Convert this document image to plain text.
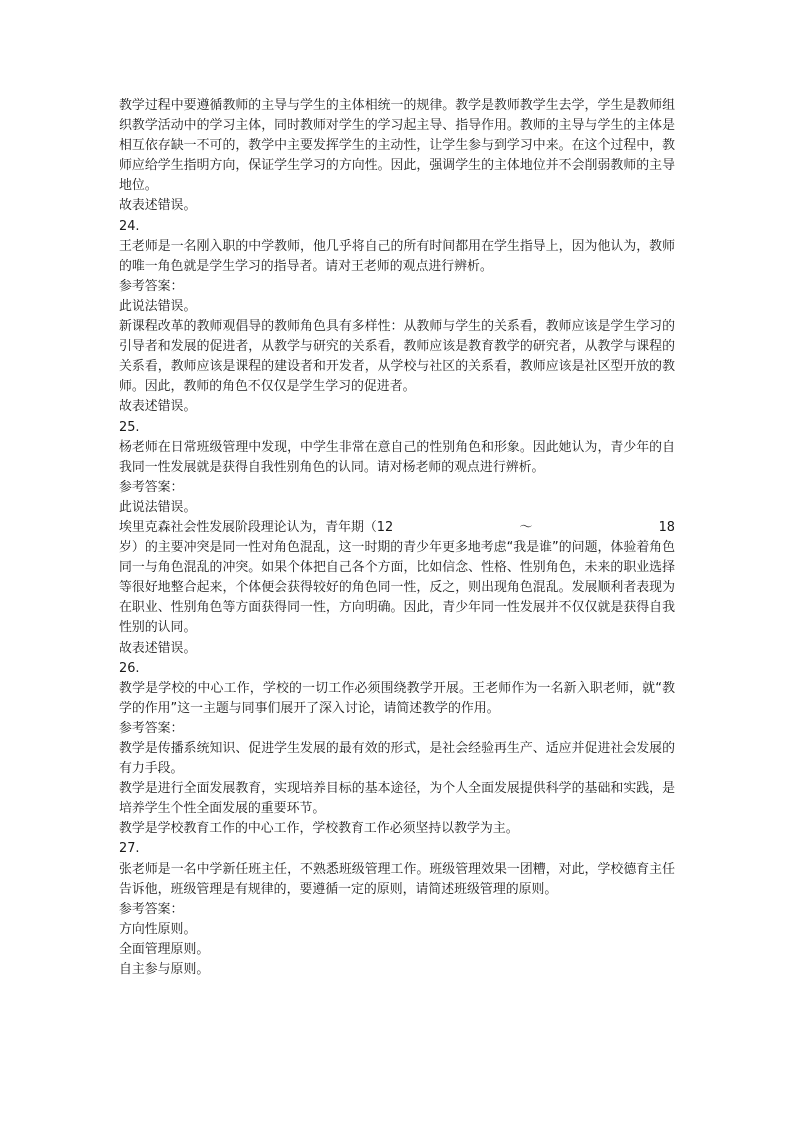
教学过程中要遵循教师的主导与学生的主体相统一的规律。教学是教师教学生去学，学生是教师组织教学活动中的学习主体，同时教师对学生的学习起主导、指导作用。教师的主导与学生的主体是相互依存缺一不可的，教学中主要发挥学生的主动性，让学生参与到学习中来。在这个过程中，教师应给学生指明方向，保证学生学习的方向性。因此，强调学生的主体地位并不会削弱教师的主导地位。

故表述错误。

24.

王老师是一名刚入职的中学教师，他几乎将自己的所有时间都用在学生指导上，因为他认为，教师的唯一角色就是学生学习的指导者。请对王老师的观点进行辨析。

参考答案：

此说法错误。

新课程改革的教师观倡导的教师角色具有多样性：从教师与学生的关系看，教师应该是学生学习的引导者和发展的促进者，从教学与研究的关系看，教师应该是教育教学的研究者，从教学与课程的关系看，教师应该是课程的建设者和开发者，从学校与社区的关系看，教师应该是社区型开放的教师。因此，教师的角色不仅仅是学生学习的促进者。

故表述错误。

25.

杨老师在日常班级管理中发现，中学生非常在意自己的性别角色和形象。因此她认为，青少年的自我同一性发展就是获得自我性别角色的认同。请对杨老师的观点进行辨析。

参考答案：

此说法错误。

埃里克森社会性发展阶段理论认为，青年期（12	～	18

岁）的主要冲突是同一性对角色混乱，这一时期的青少年更多地考虑“我是谁”的问题，体验着角色同一与角色混乱的冲突。如果个体把自己各个方面，比如信念、性格、性别角色，未来的职业选择等很好地整合起来，个体便会获得较好的角色同一性，反之，则出现角色混乱。发展顺利者表现为在职业、性别角色等方面获得同一性，方向明确。因此，青少年同一性发展并不仅仅就是获得自我性别的认同。

故表述错误。

26.

教学是学校的中心工作，学校的一切工作必须围绕教学开展。王老师作为一名新入职老师，就“教学的作用”这一主题与同事们展开了深入讨论，请简述教学的作用。

参考答案：

教学是传播系统知识、促进学生发展的最有效的形式，是社会经验再生产、适应并促进社会发展的有力手段。

教学是进行全面发展教育，实现培养目标的基本途径，为个人全面发展提供科学的基础和实践，是培养学生个性全面发展的重要环节。

教学是学校教育工作的中心工作，学校教育工作必须坚持以教学为主。

27.

张老师是一名中学新任班主任，不熟悉班级管理工作。班级管理效果一团糟，对此，学校德育主任告诉他，班级管理是有规律的，要遵循一定的原则，请简述班级管理的原则。

参考答案：

方向性原则。

全面管理原则。

自主参与原则。
